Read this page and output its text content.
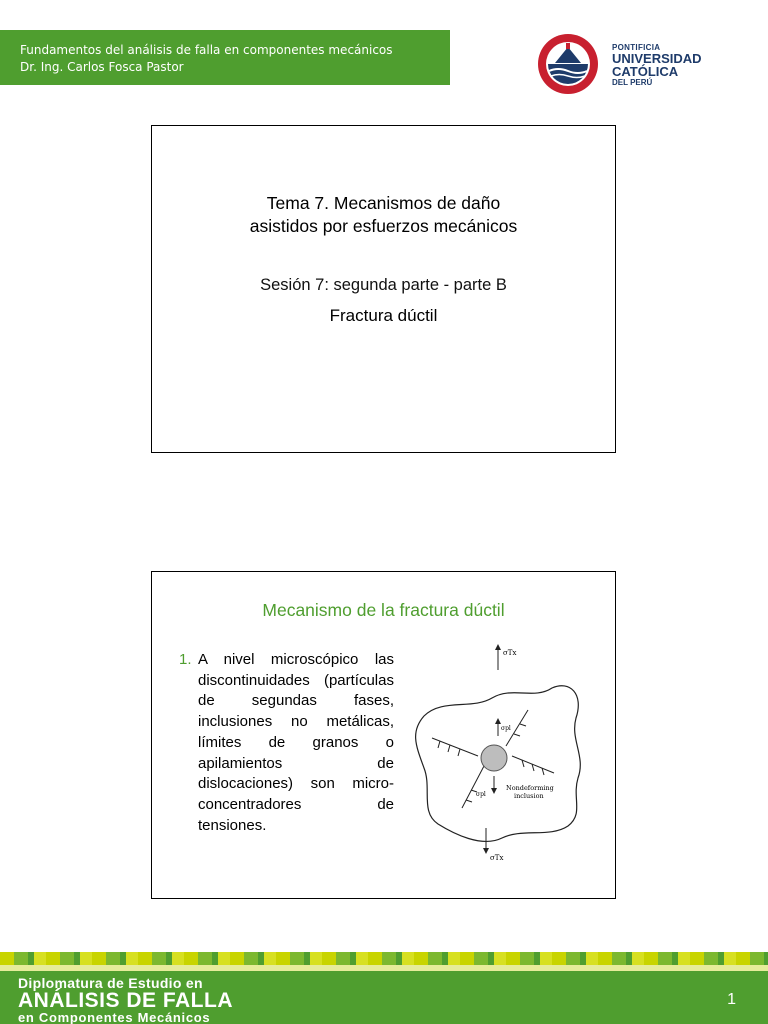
Fundamentos del análisis de falla en componentes mecánicos
Dr. Ing. Carlos Fosca Pastor
PONTIFICIA
UNIVERSIDAD
CATÓLICA
DEL PERÚ
Tema 7. Mecanismos de daño
asistidos por esfuerzos mecánicos
Sesión 7: segunda parte - parte B
Fractura dúctil
Mecanismo de la fractura dúctil
1. A nivel microscópico las discontinuidades (partículas de segundas fases, inclusiones no metálicas, límites de granos o apilamientos de dislocaciones) son micro-concentradores de tensiones.
σTx
σTx
σpl
σpl
Nondeforming
inclusion
Diplomatura de Estudio en
ANÁLISIS DE FALLA
en Componentes Mecánicos
1
